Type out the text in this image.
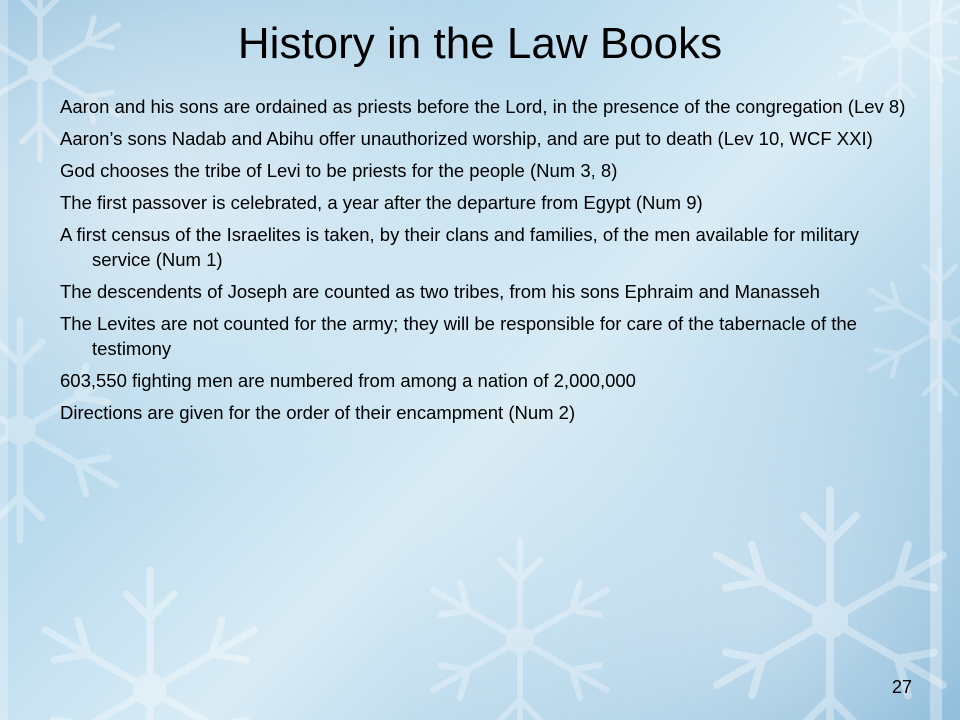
History in the Law Books
Aaron and his sons are ordained as priests before the Lord, in the presence of the congregation (Lev 8)
Aaron’s sons Nadab and Abihu offer unauthorized worship, and are put to death (Lev 10, WCF XXI)
God chooses the tribe of Levi to be priests for the people (Num 3, 8)
The first passover is celebrated, a year after the departure from Egypt (Num 9)
A first census of the Israelites is taken, by their clans and families, of the men available for military service (Num 1)
The descendents of Joseph are counted as two tribes, from his sons Ephraim and Manasseh
The Levites are not counted for the army; they will be responsible for care of the tabernacle of the testimony
603,550 fighting men are numbered from among a nation of 2,000,000
Directions are given for the order of their encampment (Num 2)
27
